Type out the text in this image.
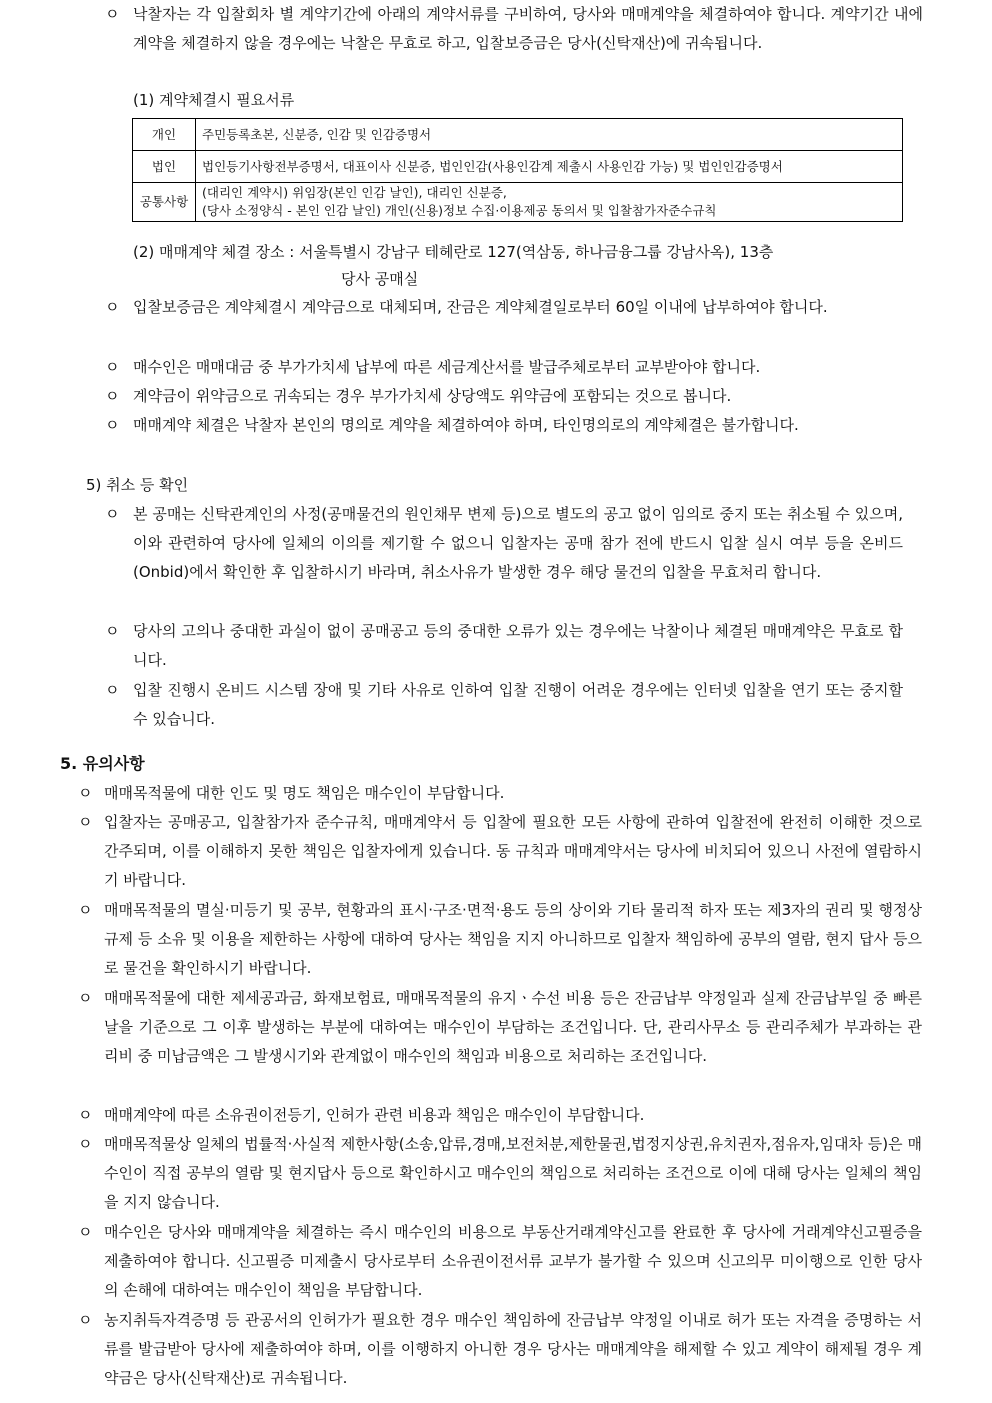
ㅇ 낙찰자는 각 입찰회차 별 계약기간에 아래의 계약서류를 구비하여, 당사와 매매계약을 체결하여야 합니다. 계약기간 내에 계약을 체결하지 않을 경우에는 낙찰은 무효로 하고, 입찰보증금은 당사(신탁재산)에 귀속됩니다.
(1) 계약체결시 필요서류
개인	주민등록초본, 신분증, 인감 및 인감증명서
법인	법인등기사항전부증명서, 대표이사 신분증, 법인인감(사용인감계 제출시 사용인감 가능) 및 법인인감증명서
공통사항	(대리인 계약시) 위임장(본인 인감 날인), 대리인 신분증,
(당사 소정양식 - 본인 인감 날인) 개인(신용)정보 수집·이용제공 동의서 및 입찰참가자준수규칙
(2) 매매계약 체결 장소 : 서울특별시 강남구 테헤란로 127(역삼동, 하나금융그룹 강남사옥), 13층
당사 공매실
ㅇ 입찰보증금은 계약체결시 계약금으로 대체되며, 잔금은 계약체결일로부터 60일 이내에 납부하여야 합니다.
ㅇ 매수인은 매매대금 중 부가가치세 납부에 따른 세금계산서를 발급주체로부터 교부받아야 합니다.
ㅇ 계약금이 위약금으로 귀속되는 경우 부가가치세 상당액도 위약금에 포함되는 것으로 봅니다.
ㅇ 매매계약 체결은 낙찰자 본인의 명의로 계약을 체결하여야 하며, 타인명의로의 계약체결은 불가합니다.
5) 취소 등 확인
ㅇ 본 공매는 신탁관계인의 사정(공매물건의 원인채무 변제 등)으로 별도의 공고 없이 임의로 중지 또는 취소될 수 있으며, 이와 관련하여 당사에 일체의 이의를 제기할 수 없으니 입찰자는 공매 참가 전에 반드시 입찰 실시 여부 등을 온비드(Onbid)에서 확인한 후 입찰하시기 바라며, 취소사유가 발생한 경우 해당 물건의 입찰을 무효처리 합니다.
ㅇ 당사의 고의나 중대한 과실이 없이 공매공고 등의 중대한 오류가 있는 경우에는 낙찰이나 체결된 매매계약은 무효로 합니다.
ㅇ 입찰 진행시 온비드 시스템 장애 및 기타 사유로 인하여 입찰 진행이 어려운 경우에는 인터넷 입찰을 연기 또는 중지할 수 있습니다.
5. 유의사항
ㅇ 매매목적물에 대한 인도 및 명도 책임은 매수인이 부담합니다.
ㅇ 입찰자는 공매공고, 입찰참가자 준수규칙, 매매계약서 등 입찰에 필요한 모든 사항에 관하여 입찰전에 완전히 이해한 것으로 간주되며, 이를 이해하지 못한 책임은 입찰자에게 있습니다. 동 규칙과 매매계약서는 당사에 비치되어 있으니 사전에 열람하시기 바랍니다.
ㅇ 매매목적물의 멸실·미등기 및 공부, 현황과의 표시·구조·면적·용도 등의 상이와 기타 물리적 하자 또는 제3자의 권리 및 행정상 규제 등 소유 및 이용을 제한하는 사항에 대하여 당사는 책임을 지지 아니하므로 입찰자 책임하에 공부의 열람, 현지 답사 등으로 물건을 확인하시기 바랍니다.
ㅇ 매매목적물에 대한 제세공과금, 화재보험료, 매매목적물의 유지ㆍ수선 비용 등은 잔금납부 약정일과 실제 잔금납부일 중 빠른 날을 기준으로 그 이후 발생하는 부분에 대하여는 매수인이 부담하는 조건입니다. 단, 관리사무소 등 관리주체가 부과하는 관리비 중 미납금액은 그 발생시기와 관계없이 매수인의 책임과 비용으로 처리하는 조건입니다.
ㅇ 매매계약에 따른 소유권이전등기, 인허가 관련 비용과 책임은 매수인이 부담합니다.
ㅇ 매매목적물상 일체의 법률적·사실적 제한사항(소송,압류,경매,보전처분,제한물권,법정지상권,유치권자,점유자,임대차 등)은 매수인이 직접 공부의 열람 및 현지답사 등으로 확인하시고 매수인의 책임으로 처리하는 조건으로 이에 대해 당사는 일체의 책임을 지지 않습니다.
ㅇ 매수인은 당사와 매매계약을 체결하는 즉시 매수인의 비용으로 부동산거래계약신고를 완료한 후 당사에 거래계약신고필증을 제출하여야 합니다. 신고필증 미제출시 당사로부터 소유권이전서류 교부가 불가할 수 있으며 신고의무 미이행으로 인한 당사의 손해에 대하여는 매수인이 책임을 부담합니다.
ㅇ 농지취득자격증명 등 관공서의 인허가가 필요한 경우 매수인 책임하에 잔금납부 약정일 이내로 허가 또는 자격을 증명하는 서류를 발급받아 당사에 제출하여야 하며, 이를 이행하지 아니한 경우 당사는 매매계약을 해제할 수 있고 계약이 해제될 경우 계약금은 당사(신탁재산)로 귀속됩니다.
